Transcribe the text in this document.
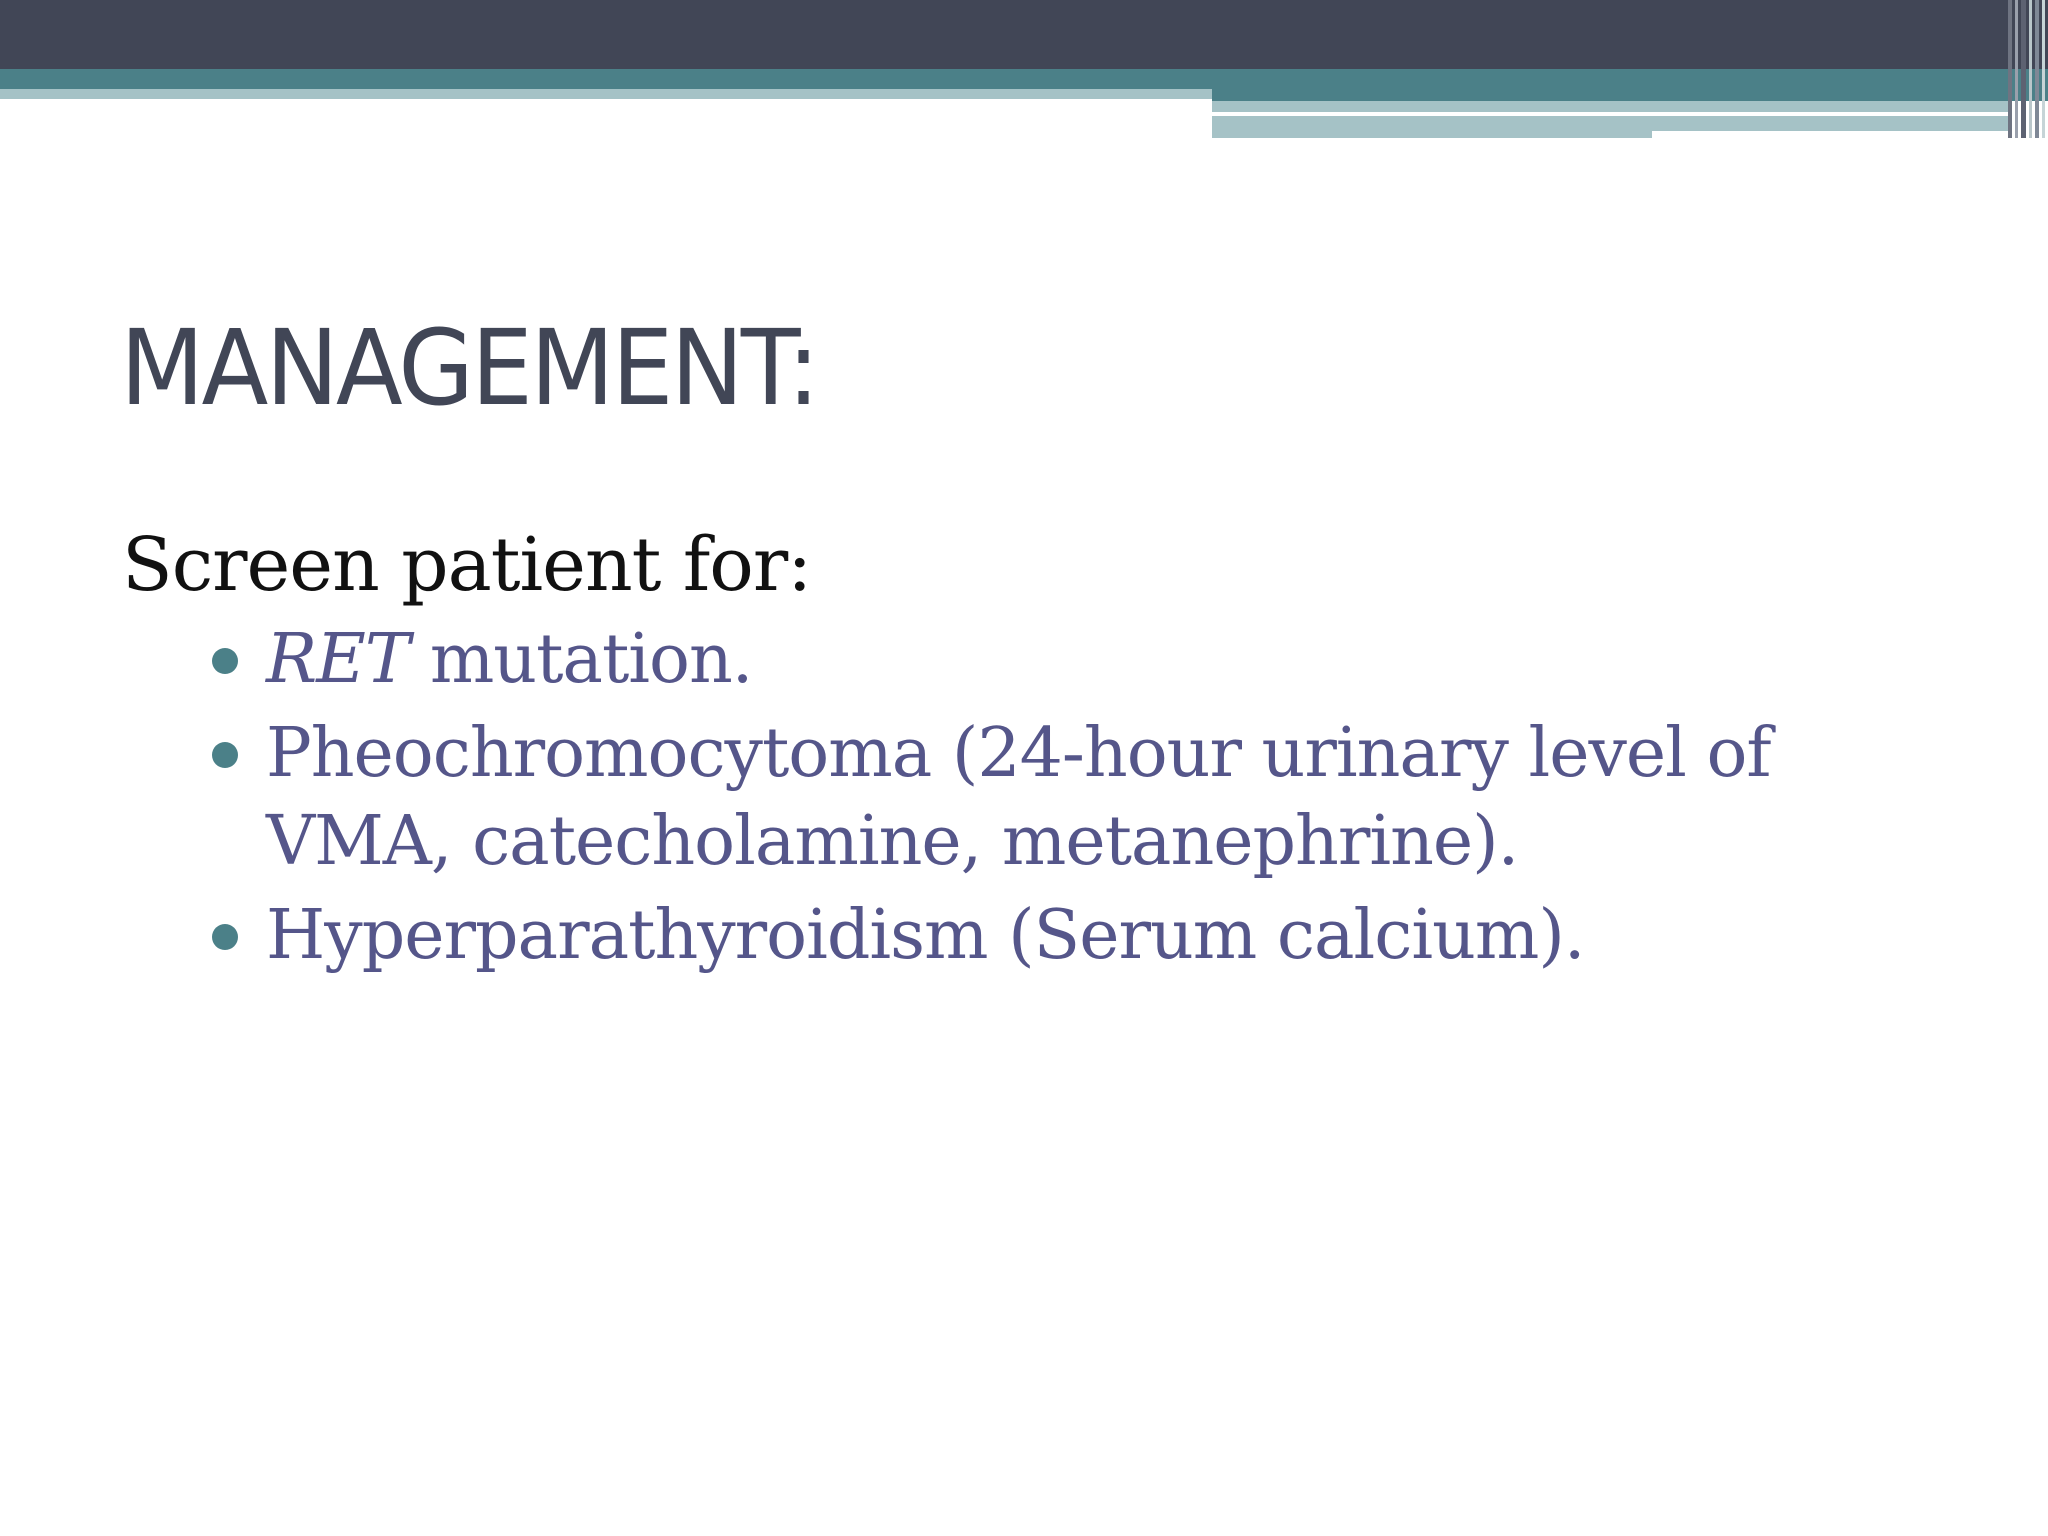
MANAGEMENT:

Screen patient for:

RET mutation.
Pheochromocytoma (24-hour urinary level of VMA, catecholamine, metanephrine).
Hyperparathyroidism (Serum calcium).
